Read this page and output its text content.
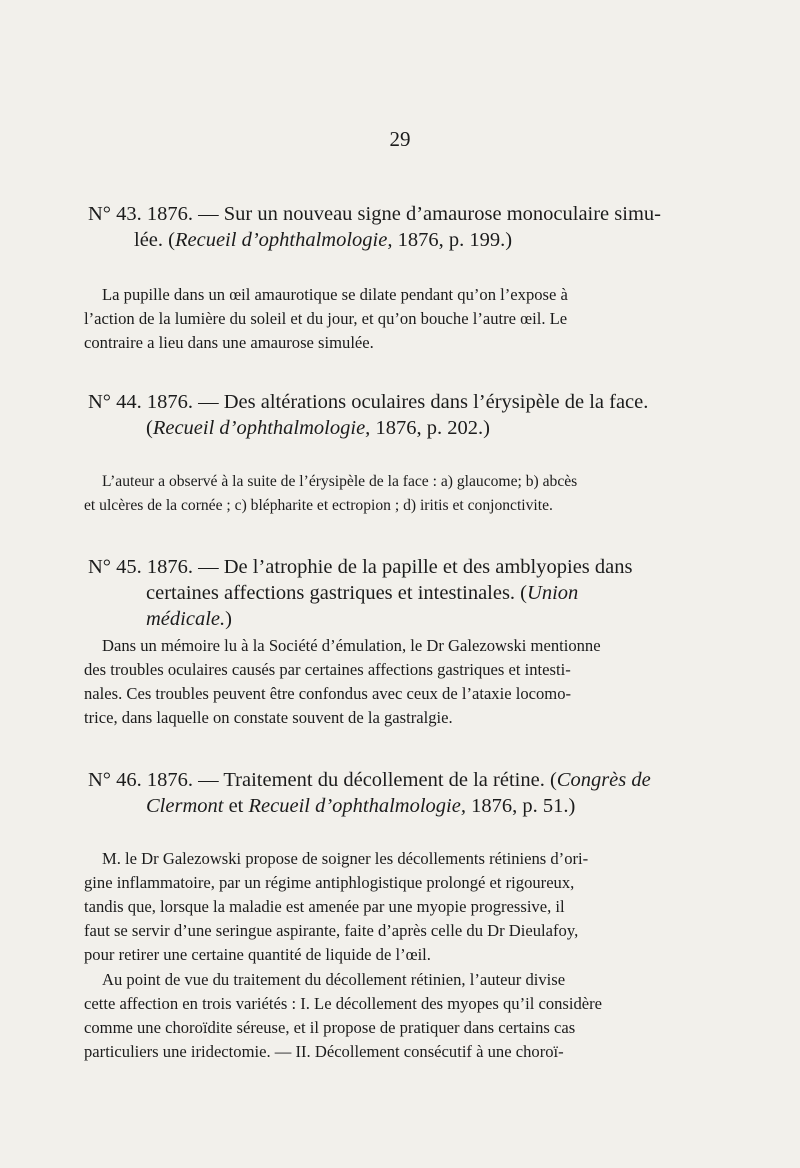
29
N° 43. 1876. — Sur un nouveau signe d’amaurose monoculaire simu-
lée. (Recueil d’ophthalmologie, 1876, p. 199.)
La pupille dans un œil amaurotique se dilate pendant qu’on l’expose à
l’action de la lumière du soleil et du jour, et qu’on bouche l’autre œil. Le
contraire a lieu dans une amaurose simulée.
N° 44. 1876. — Des altérations oculaires dans l’érysipèle de la face.
(Recueil d’ophthalmologie, 1876, p. 202.)
L’auteur a observé à la suite de l’érysipèle de la face : a) glaucome; b) abcès
et ulcères de la cornée ; c) blépharite et ectropion ; d) iritis et conjonctivite.
N° 45. 1876. — De l’atrophie de la papille et des amblyopies dans
certaines affections gastriques et intestinales. (Union médicale.)
Dans un mémoire lu à la Société d’émulation, le Dr Galezowski mentionne
des troubles oculaires causés par certaines affections gastriques et intesti-
nales. Ces troubles peuvent être confondus avec ceux de l’ataxie locomo-
trice, dans laquelle on constate souvent de la gastralgie.
N° 46. 1876. — Traitement du décollement de la rétine. (Congrès de
Clermont et Recueil d’ophthalmologie, 1876, p. 51.)
M. le Dr Galezowski propose de soigner les décollements rétiniens d’ori-
gine inflammatoire, par un régime antiphlogistique prolongé et rigoureux,
tandis que, lorsque la maladie est amenée par une myopie progressive, il
faut se servir d’une seringue aspirante, faite d’après celle du Dr Dieulafoy,
pour retirer une certaine quantité de liquide de l’œil.
Au point de vue du traitement du décollement rétinien, l’auteur divise
cette affection en trois variétés : I. Le décollement des myopes qu’il considère
comme une choroïdite séreuse, et il propose de pratiquer dans certains cas
particuliers une iridectomie. — II. Décollement consécutif à une choroï-
